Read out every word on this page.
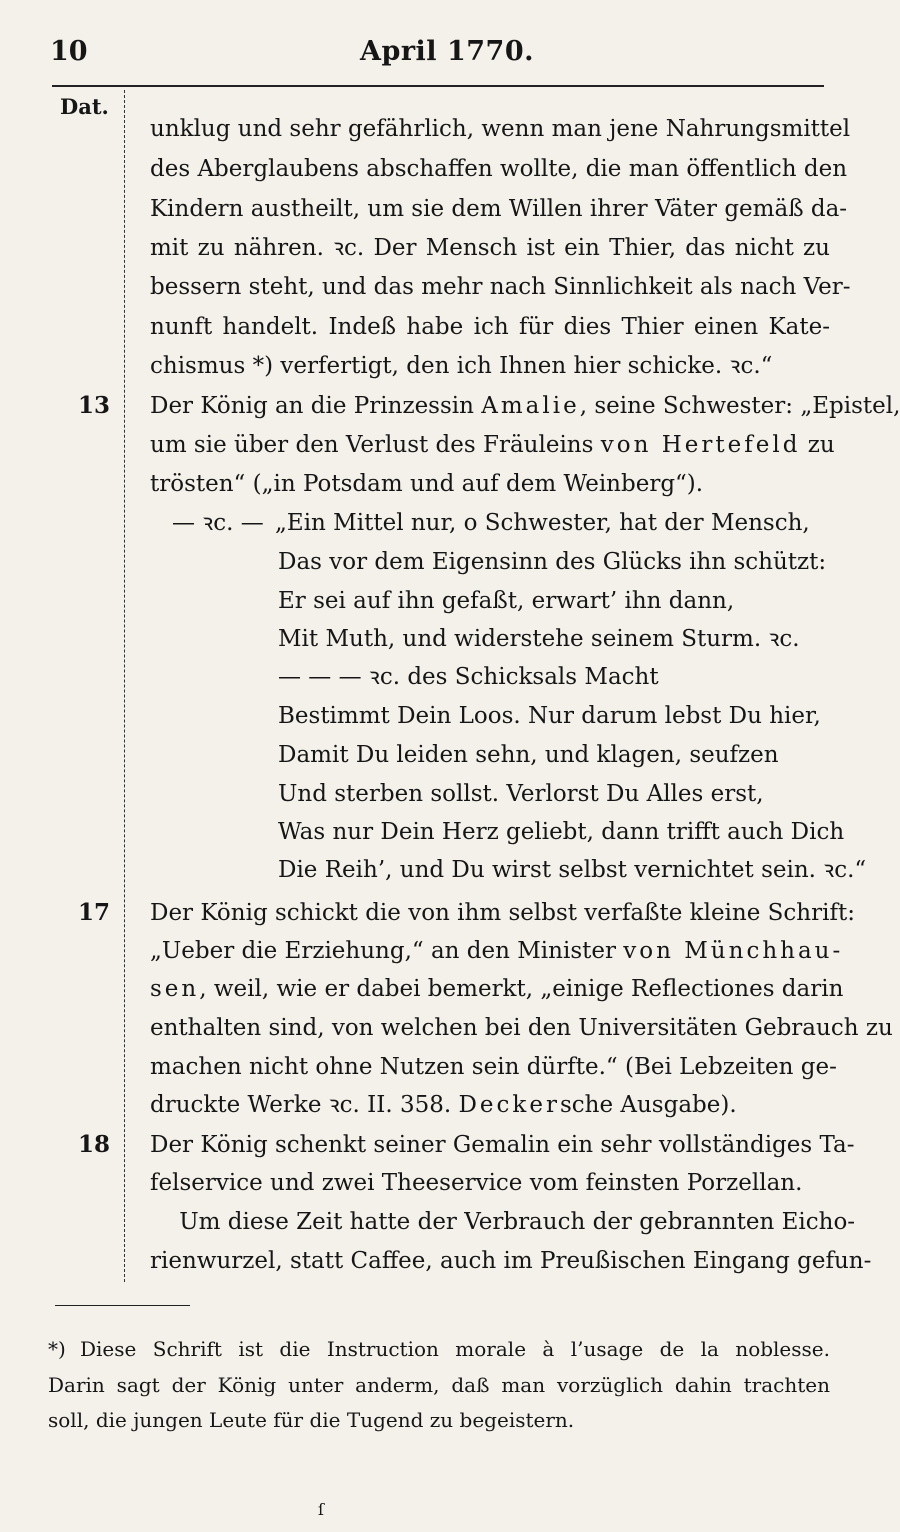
10	April 1770.
Dat.
unklug und sehr gefährlich, wenn man jene Nahrungsmittel
des Aberglaubens abschaffen wollte, die man öffentlich den
Kindern austheilt, um sie dem Willen ihrer Väter gemäß da-
mit zu nähren. ꝛc. Der Mensch ist ein Thier, das nicht zu
bessern steht, und das mehr nach Sinnlichkeit als nach Ver-
nunft handelt. Indeß habe ich für dies Thier einen Kate-
chismus *) verfertigt, den ich Ihnen hier schicke. ꝛc.“
13 Der König an die Prinzessin Amalie, seine Schwester: „Epistel,
um sie über den Verlust des Fräuleins von Hertefeld zu
trösten“ („in Potsdam und auf dem Weinberg“).
— ꝛc. — „Ein Mittel nur, o Schwester, hat der Mensch,
Das vor dem Eigensinn des Glücks ihn schützt:
Er sei auf ihn gefaßt, erwart’ ihn dann,
Mit Muth, und widerstehe seinem Sturm. ꝛc.
— — — ꝛc. des Schicksals Macht
Bestimmt Dein Loos. Nur darum lebst Du hier,
Damit Du leiden sehn, und klagen, seufzen
Und sterben sollst. Verlorst Du Alles erst,
Was nur Dein Herz geliebt, dann trifft auch Dich
Die Reih’, und Du wirst selbst vernichtet sein. ꝛc.“
17 Der König schickt die von ihm selbst verfaßte kleine Schrift:
„Ueber die Erziehung,“ an den Minister von Münchhau-
sen, weil, wie er dabei bemerkt, „einige Reflectiones darin
enthalten sind, von welchen bei den Universitäten Gebrauch zu
machen nicht ohne Nutzen sein dürfte.“ (Bei Lebzeiten ge-
druckte Werke ꝛc. II. 358. Deckersche Ausgabe).
18 Der König schenkt seiner Gemalin ein sehr vollständiges Ta-
felservice und zwei Theeservice vom feinsten Porzellan.
Um diese Zeit hatte der Verbrauch der gebrannten Eicho-
rienwurzel, statt Caffee, auch im Preußischen Eingang gefun-
*) Diese Schrift ist die Instruction morale à l’usage de la noblesse.
Darin sagt der König unter anderm, daß man vorzüglich dahin trachten
soll, die jungen Leute für die Tugend zu begeistern.
ſ
